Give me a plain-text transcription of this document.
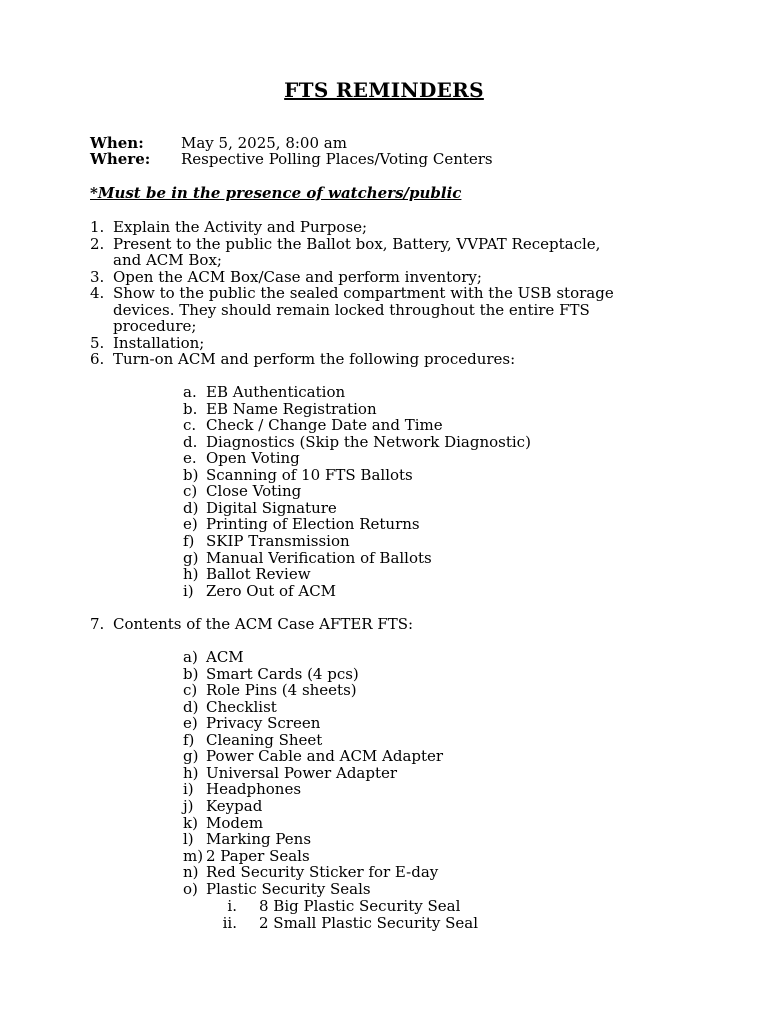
FTS REMINDERS
When: May 5, 2025, 8:00 am
Where: Respective Polling Places/Voting Centers
*Must be in the presence of watchers/public
1. Explain the Activity and Purpose;
2. Present to the public the Ballot box, Battery, VVPAT Receptacle,
and ACM Box;
3. Open the ACM Box/Case and perform inventory;
4. Show to the public the sealed compartment with the USB storage
devices. They should remain locked throughout the entire FTS
procedure;
5. Installation;
6. Turn-on ACM and perform the following procedures:
a. EB Authentication
b. EB Name Registration
c. Check / Change Date and Time
d. Diagnostics (Skip the Network Diagnostic)
e. Open Voting
b) Scanning of 10 FTS Ballots
c) Close Voting
d) Digital Signature
e) Printing of Election Returns
f) SKIP Transmission
g) Manual Verification of Ballots
h) Ballot Review
i) Zero Out of ACM
7. Contents of the ACM Case AFTER FTS:
a) ACM
b) Smart Cards (4 pcs)
c) Role Pins (4 sheets)
d) Checklist
e) Privacy Screen
f) Cleaning Sheet
g) Power Cable and ACM Adapter
h) Universal Power Adapter
i) Headphones
j) Keypad
k) Modem
l) Marking Pens
m) 2 Paper Seals
n) Red Security Sticker for E-day
o) Plastic Security Seals
i. 8 Big Plastic Security Seal
ii. 2 Small Plastic Security Seal
